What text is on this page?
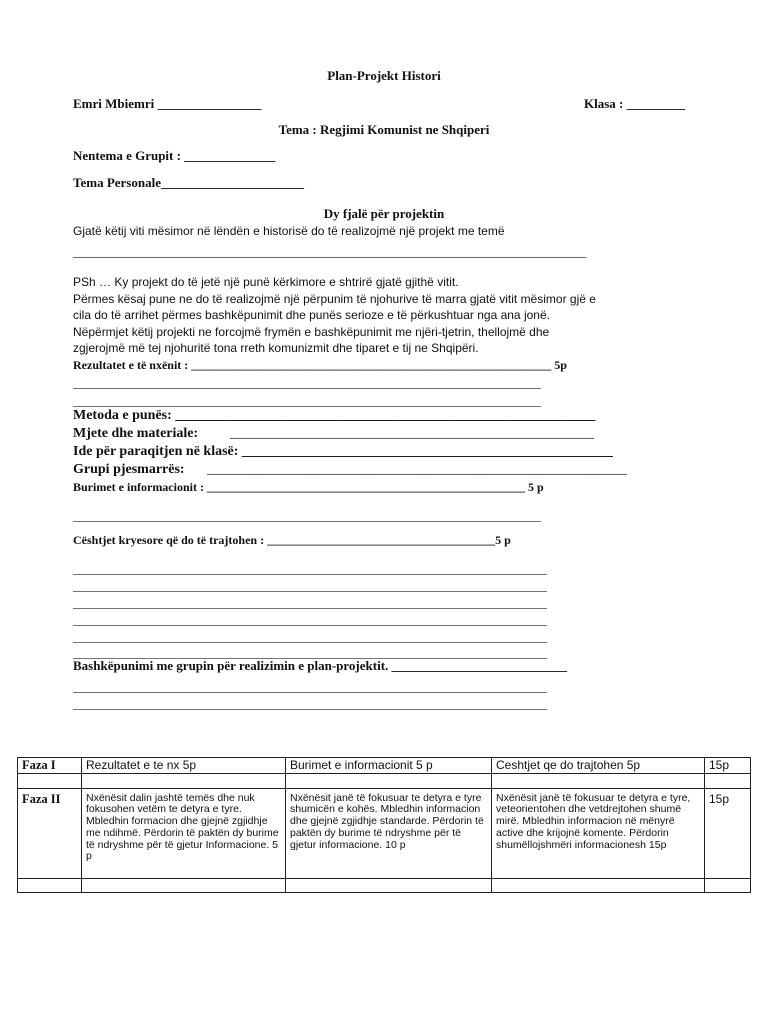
Plan-Projekt Histori
Emri Mbiemri ________________	Klasa : _________
Tema : Regjimi Komunist ne Shqiperi
Nentema e Grupit : ______________
Tema Personale______________________
Dy fjalë për projektin
Gjatë këtij viti mësimor në lëndën e historisë do të realizojmë një projekt me temë
_______________________________________________________________________________
PSh … Ky projekt do të jetë një punë kërkimore e shtrirë gjatë gjithë vitit.
Përmes kësaj pune ne do të realizojmë një përpunim të njohurive të marra gjatë vitit mësimor gjë e
cila do të arrihet përmes bashkëpunimit dhe punës serioze e të përkushtuar nga ana jonë.
Nëpërmjet këtij projekti ne forcojmë frymën e bashkëpunimit me njëri-tjetrin, thellojmë dhe
zgjerojmë më tej njohuritë tona rreth komunizmit dhe tiparet e tij ne Shqipëri.
Rezultatet e të nxënit : ____________________________________________________________ 5p
______________________________________________________________________________
______________________________________________________________________________
Metoda e punës: ____________________________________________________________
Mjete dhe materiale: ____________________________________________________
Ide për paraqitjen në klasë: _____________________________________________________
Grupi pjesmarrës: ____________________________________________________________
Burimet e informacionit : _____________________________________________________ 5 p
______________________________________________________________________________
Cështjet kryesore që do të trajtohen : ______________________________________5 p
_______________________________________________________________________________
_______________________________________________________________________________
_______________________________________________________________________________
_______________________________________________________________________________
_______________________________________________________________________________
_______________________________________________________________________________
Bashkëpunimi me grupin për realizimin e plan-projektit. ___________________________
_______________________________________________________________________________
_______________________________________________________________________________
Faza I	Rezultatet e te nx 5p	Burimet e informacionit 5 p	Ceshtjet qe do trajtohen 5p	15p

Faza II	Nxënësit dalin jashtë temës dhe nuk fokusohen vetëm te detyra e tyre. Mbledhin formacion dhe gjejnë zgjidhje me ndihmë. Përdorin të paktën dy burime të ndryshme për të gjetur Informacione. 5 p	Nxënësit janë të fokusuar te detyra e tyre shumicën e kohës. Mbledhin informacion dhe gjejnë zgjidhje standarde. Përdorin të paktën dy burime të ndryshme për të gjetur informacione. 10 p	Nxënësit janë të fokusuar te detyra e tyre, veteorientohen dhe vetdrejtohen shumë mirë. Mbledhin informacion në mënyrë active dhe krijojnë komente. Përdorin shumëllojshmëri informacionesh 15p	15p
